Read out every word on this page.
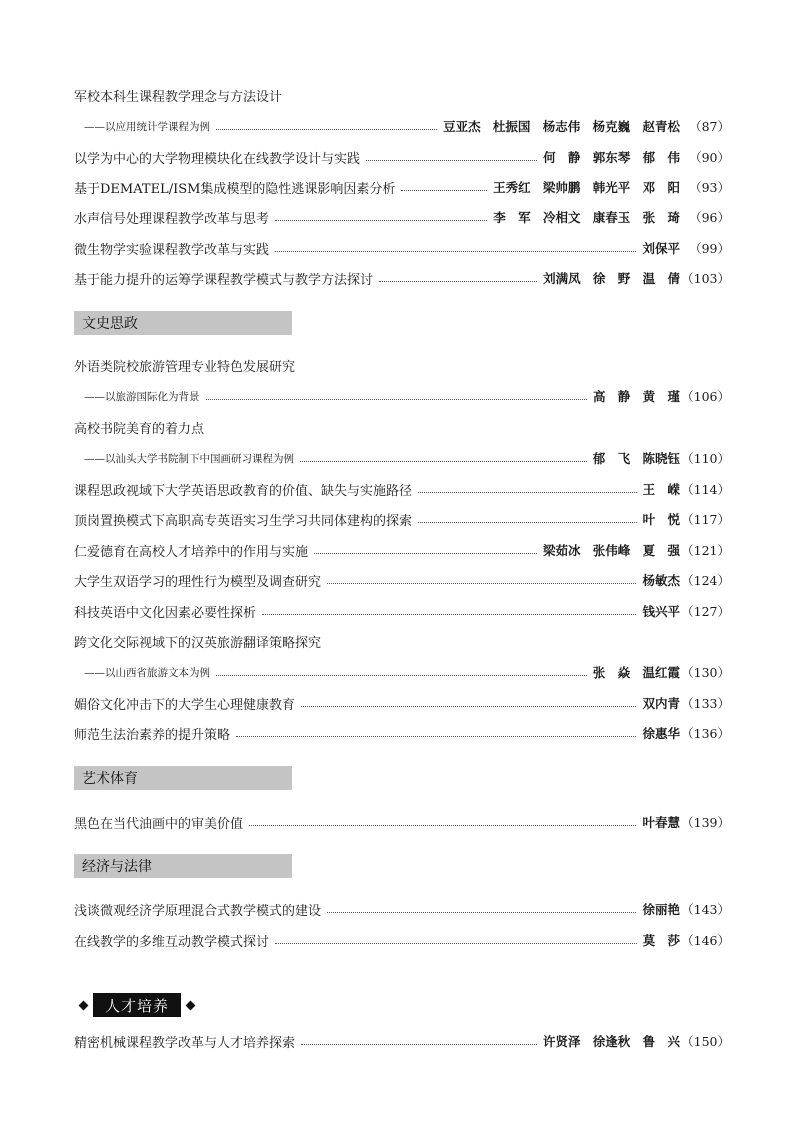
军校本科生课程教学理念与方法设计
——以应用统计学课程为例	豆亚杰 杜振国 杨志伟 杨克巍 赵青松 （87）
以学为中心的大学物理模块化在线教学设计与实践	何 静 郭东琴 郁 伟 （90）
基于DEMATEL/ISM集成模型的隐性逃课影响因素分析	王秀红 梁帅鹏 韩光平 邓 阳 （93）
水声信号处理课程教学改革与思考	李 军 冷相文 康春玉 张 琦 （96）
微生物学实验课程教学改革与实践	刘保平 （99）
基于能力提升的运筹学课程教学模式与教学方法探讨	刘满凤 徐 野 温 倩 （103）
文史思政
外语类院校旅游管理专业特色发展研究
——以旅游国际化为背景	高 静 黄 瑾 （106）
高校书院美育的着力点
——以汕头大学书院制下中国画研习课程为例	郁 飞 陈晓钰 （110）
课程思政视域下大学英语思政教育的价值、缺失与实施路径	王 嵘 （114）
顶岗置换模式下高职高专英语实习生学习共同体建构的探索	叶 悦 （117）
仁爱德育在高校人才培养中的作用与实施	梁茹冰 张伟峰 夏 强 （121）
大学生双语学习的理性行为模型及调查研究	杨敏杰 （124）
科技英语中文化因素必要性探析	钱兴平 （127）
跨文化交际视域下的汉英旅游翻译策略探究
——以山西省旅游文本为例	张 焱 温红霞 （130）
媚俗文化冲击下的大学生心理健康教育	双内青 （133）
师范生法治素养的提升策略	徐惠华 （136）
艺术体育
黑色在当代油画中的审美价值	叶春慧 （139）
经济与法律
浅谈微观经济学原理混合式教学模式的建设	徐丽艳 （143）
在线教学的多维互动教学模式探讨	莫 莎 （146）
人才培养
精密机械课程教学改革与人才培养探索	许贤泽 徐逢秋 鲁 兴 （150）
